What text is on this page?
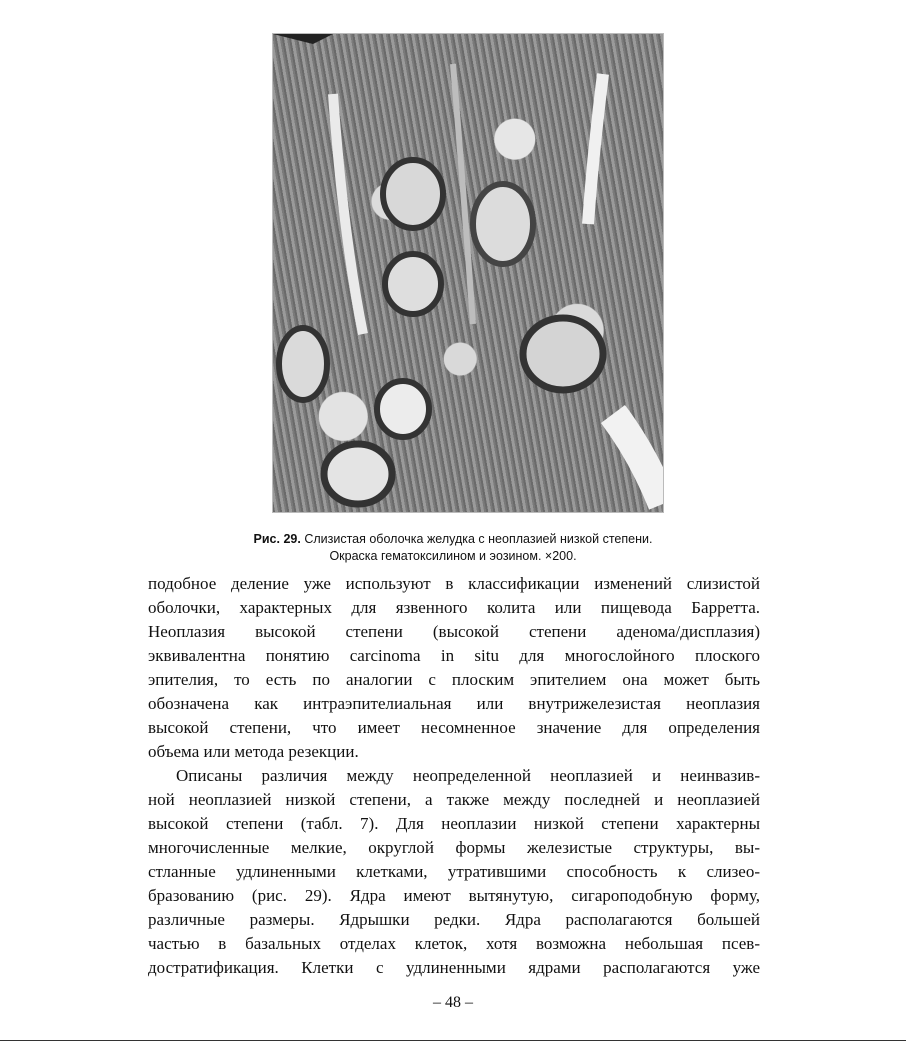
Рис. 29. Слизистая оболочка желудка с неоплазией низкой степени.
Окраска гематоксилином и эозином. ×200.
подобное деление уже используют в классификации изменений слизистой
оболочки, характерных для язвенного колита или пищевода Барретта.
Неоплазия высокой степени (высокой степени аденома/дисплазия)
эквивалентна понятию carcinoma in situ для многослойного плоского
эпителия, то есть по аналогии с плоским эпителием она может быть
обозначена как интраэпителиальная или внутрижелезистая неоплазия
высокой степени, что имеет несомненное значение для определения
объема или метода резекции.
Описаны различия между неопределенной неоплазией и неинвазив-
ной неоплазией низкой степени, а также между последней и неоплазией
высокой степени (табл. 7). Для неоплазии низкой степени характерны
многочисленные мелкие, округлой формы железистые структуры, вы-
стланные удлиненными клетками, утратившими способность к слизео-
бразованию (рис. 29). Ядра имеют вытянутую, сигароподобную форму,
различные размеры. Ядрышки редки. Ядра располагаются большей
частью в базальных отделах клеток, хотя возможна небольшая псев-
достратификация. Клетки с удлиненными ядрами располагаются уже
– 48 –
